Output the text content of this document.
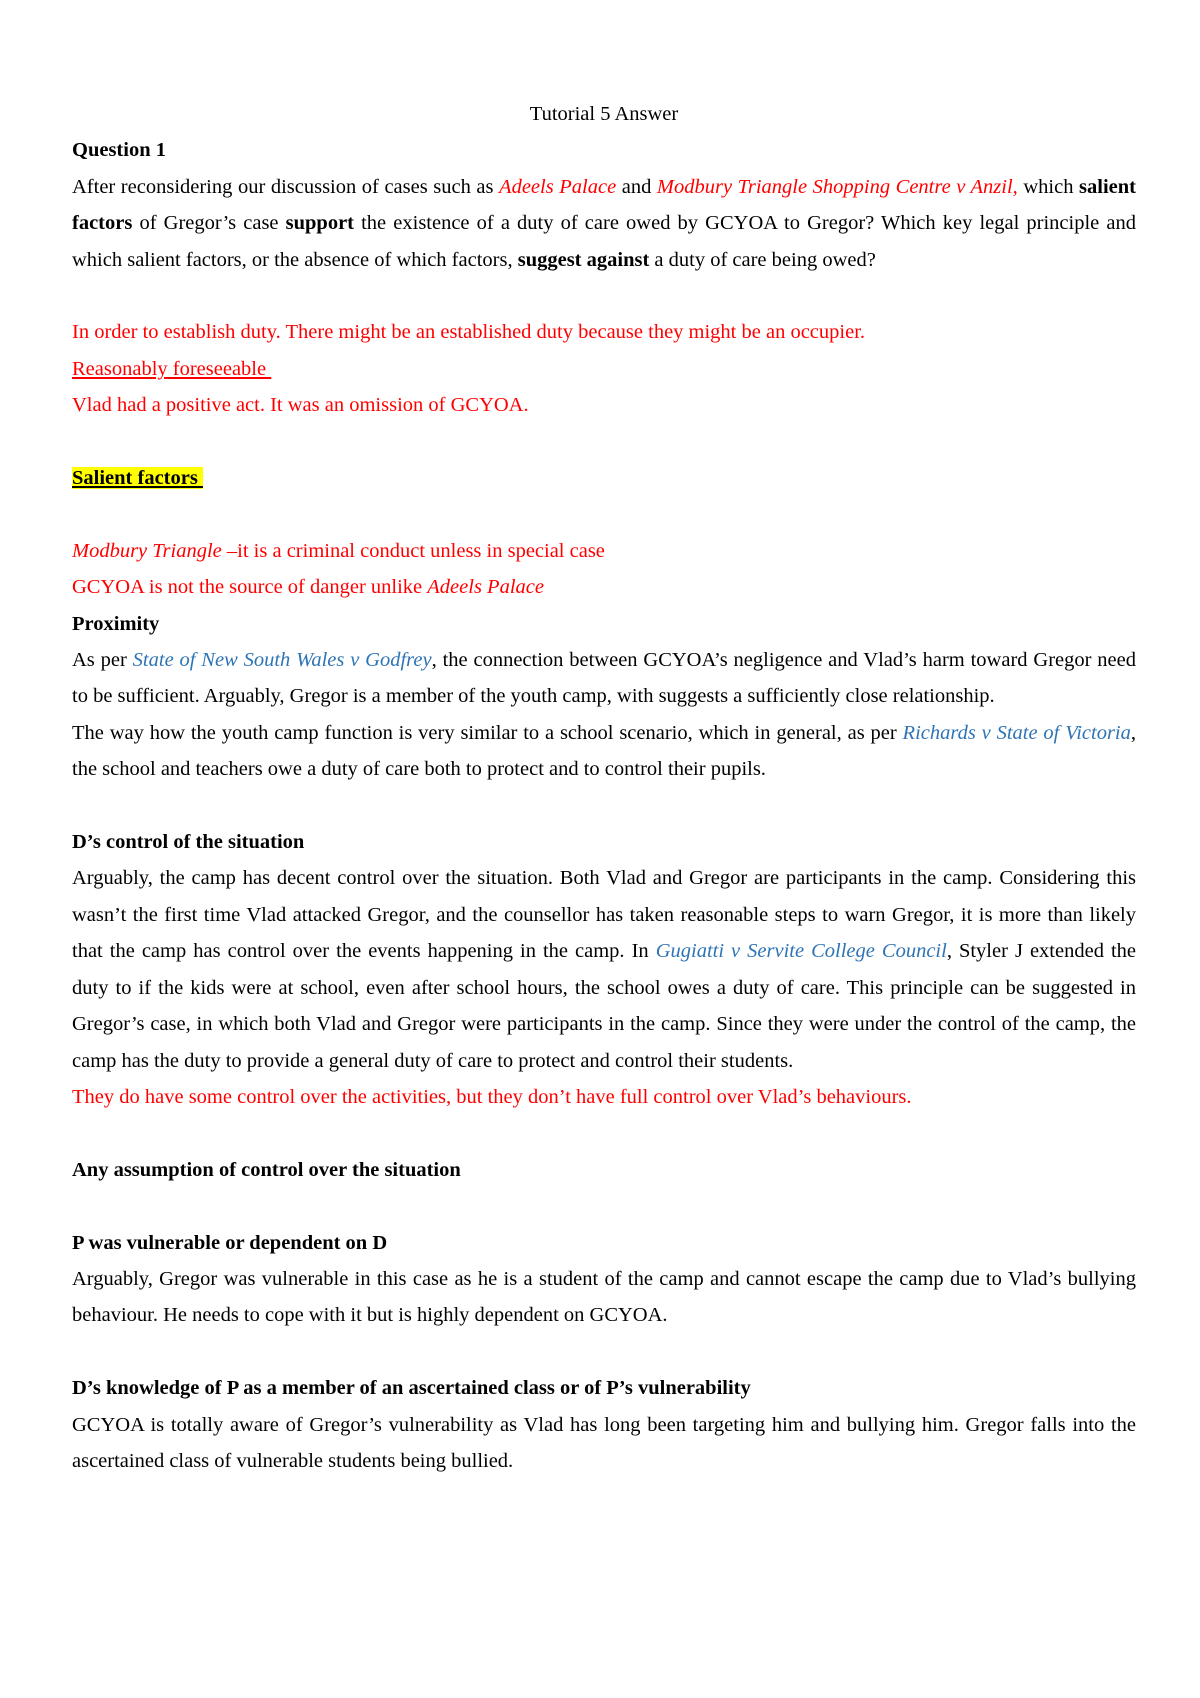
Tutorial 5 Answer

Question 1

After reconsidering our discussion of cases such as Adeels Palace and Modbury Triangle Shopping Centre v Anzil, which salient factors of Gregor’s case support the existence of a duty of care owed by GCYOA to Gregor? Which key legal principle and which salient factors, or the absence of which factors, suggest against a duty of care being owed?

In order to establish duty. There might be an established duty because they might be an occupier.

Reasonably foreseeable

Vlad had a positive act. It was an omission of GCYOA.

Salient factors

Modbury Triangle –it is a criminal conduct unless in special case

GCYOA is not the source of danger unlike Adeels Palace

Proximity

As per State of New South Wales v Godfrey, the connection between GCYOA’s negligence and Vlad’s harm toward Gregor need to be sufficient. Arguably, Gregor is a member of the youth camp, with suggests a sufficiently close relationship.

The way how the youth camp function is very similar to a school scenario, which in general, as per Richards v State of Victoria, the school and teachers owe a duty of care both to protect and to control their pupils.

D’s control of the situation

Arguably, the camp has decent control over the situation. Both Vlad and Gregor are participants in the camp. Considering this wasn’t the first time Vlad attacked Gregor, and the counsellor has taken reasonable steps to warn Gregor, it is more than likely that the camp has control over the events happening in the camp. In Gugiatti v Servite College Council, Styler J extended the duty to if the kids were at school, even after school hours, the school owes a duty of care. This principle can be suggested in Gregor’s case, in which both Vlad and Gregor were participants in the camp. Since they were under the control of the camp, the camp has the duty to provide a general duty of care to protect and control their students.

They do have some control over the activities, but they don’t have full control over Vlad’s behaviours.

Any assumption of control over the situation

P was vulnerable or dependent on D

Arguably, Gregor was vulnerable in this case as he is a student of the camp and cannot escape the camp due to Vlad’s bullying behaviour. He needs to cope with it but is highly dependent on GCYOA.

D’s knowledge of P as a member of an ascertained class or of P’s vulnerability

GCYOA is totally aware of Gregor’s vulnerability as Vlad has long been targeting him and bullying him. Gregor falls into the ascertained class of vulnerable students being bullied.
